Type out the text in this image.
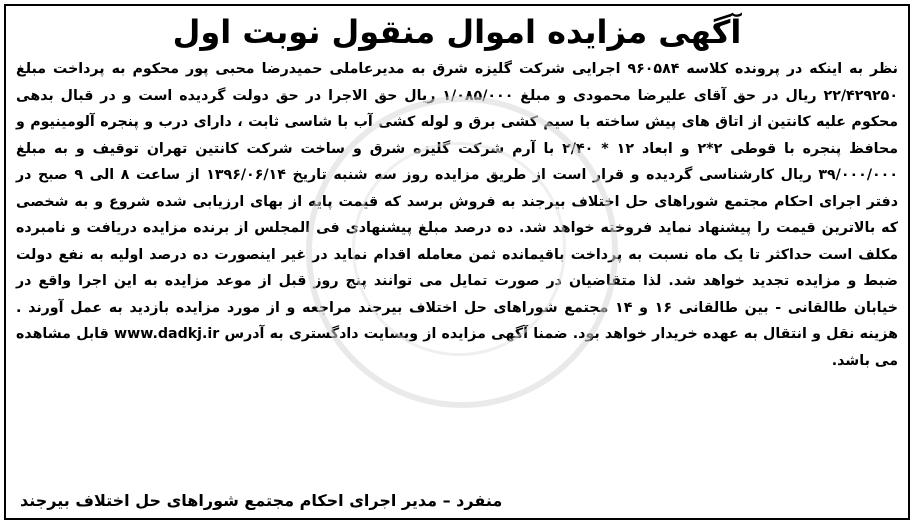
آگهی مزایده اموال منقول نوبت اول

نظر به اینکه در پرونده کلاسه ۹۶۰۵۸۴ اجرایی شرکت گلیزه شرق به مدیرعاملی حمیدرضا محبی پور محکوم به پرداخت مبلغ ۲۲/۴۲۹۲۵۰ ریال در حق آقای علیرضا محمودی و مبلغ ۱/۰۸۵/۰۰۰ ریال حق الاجرا در حق دولت گردیده است و در قبال بدهی محکوم علیه کانتین از اتاق های پیش ساخته با سیم کشی برق و لوله کشی آب با شاسی ثابت ، دارای درب و پنجره آلومینیوم و محافظ پنجره با قوطی ۲*۲ و ابعاد ۱۲ * ۲/۴۰ با آرم شرکت گلیزه شرق و ساخت شرکت کانتین تهران توقیف و به مبلغ ۳۹/۰۰۰/۰۰۰ ریال کارشناسی گردیده و قرار است از طریق مزایده روز سه شنبه تاریخ ۱۳۹۶/۰۶/۱۴ از ساعت ۸ الی ۹ صبح در دفتر اجرای احکام مجتمع شوراهای حل اختلاف بیرجند به فروش برسد که قیمت پایه از بهای ارزیابی شده شروع و به شخصی که بالاترین قیمت را پیشنهاد نماید فروخته خواهد شد. ده درصد مبلغ پیشنهادی فی المجلس از برنده مزایده دریافت و نامبرده مکلف است حداکثر تا یک ماه نسبت به پرداخت باقیمانده ثمن معامله اقدام نماید در غیر اینصورت ده درصد اولیه به نفع دولت ضبط و مزایده تجدید خواهد شد. لذا متقاضیان در صورت تمایل می توانند پنج روز قبل از موعد مزایده به این اجرا واقع در خیابان طالقانی - بین طالقانی ۱۶ و ۱۴ مجتمع شوراهای حل اختلاف بیرجند مراجعه و از مورد مزایده بازدید به عمل آورند . هزینه نقل و انتقال به عهده خریدار خواهد بود. ضمنا آگهی مزایده از وبسایت دادگستری به آدرس www.dadkj.ir قابل مشاهده می باشد.

منفرد – مدیر اجرای احکام مجتمع شوراهای حل اختلاف بیرجند
